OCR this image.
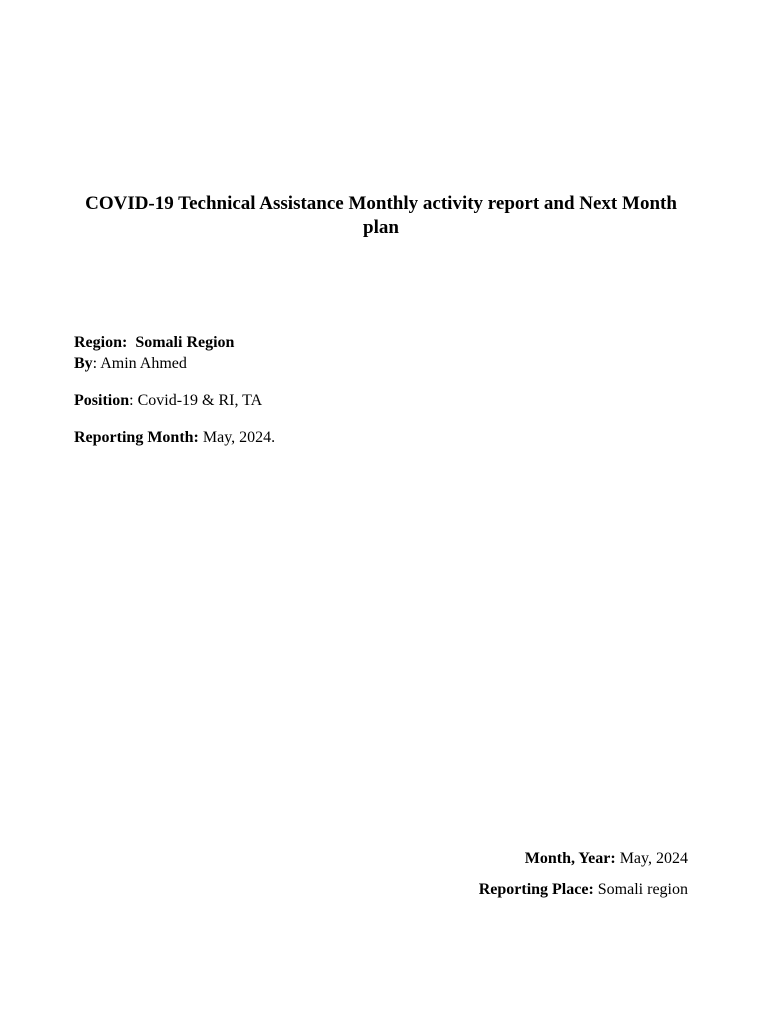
COVID-19 Technical Assistance Monthly activity report and Next Month plan
Region: Somali Region
By: Amin Ahmed
Position: Covid-19 & RI, TA
Reporting Month: May, 2024.
Month, Year: May, 2024
Reporting Place: Somali region
